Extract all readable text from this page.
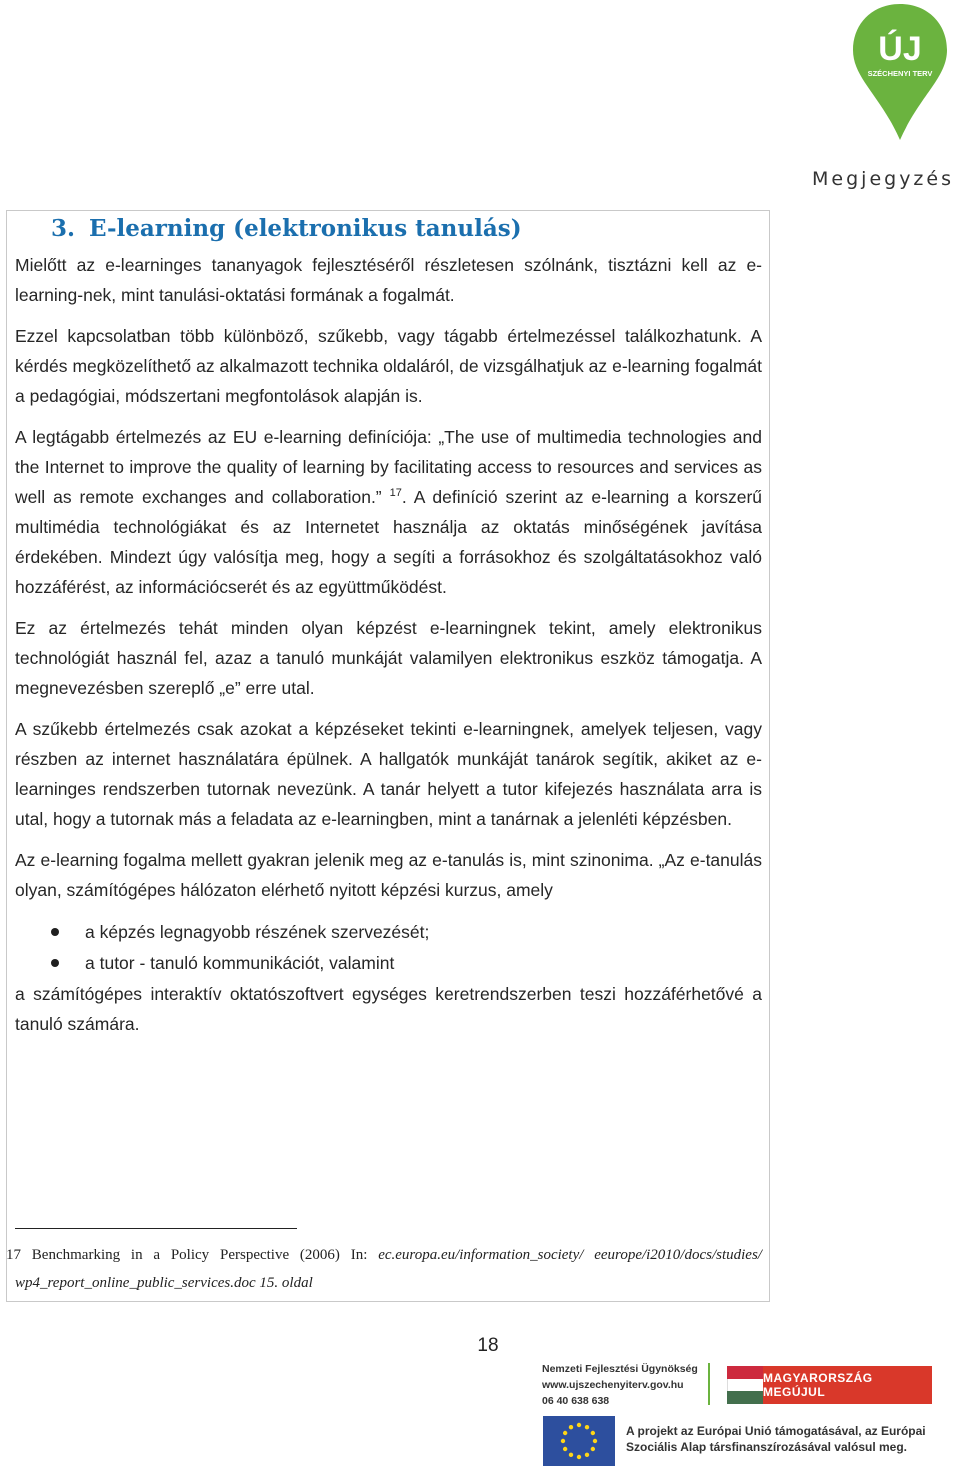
ÚJ
SZÉCHENYI TERV
Megjegyzés
3. E-learning (elektronikus tanulás)

Mielőtt az e-learninges tananyagok fejlesztéséről részletesen szólnánk, tisztázni kell az e-learning-nek, mint tanulási-oktatási formának a fogalmát.

Ezzel kapcsolatban több különböző, szűkebb, vagy tágabb értelmezéssel találkozhatunk. A kérdés megközelíthető az alkalmazott technika oldaláról, de vizsgálhatjuk az e-learning fogalmát a pedagógiai, módszertani megfontolások alapján is.

A legtágabb értelmezés az EU e-learning definíciója: „The use of multimedia technologies and the Internet to improve the quality of learning by facilitating access to resources and services as well as remote exchanges and collaboration.” $^{17}$. A definíció szerint az e-learning a korszerű multimédia technológiákat és az Internetet használja az oktatás minőségének javítása érdekében. Mindezt úgy valósítja meg, hogy a segíti a forrásokhoz és szolgáltatásokhoz való hozzáférést, az információcserét és az együttműködést.

Ez az értelmezés tehát minden olyan képzést e-learningnek tekint, amely elektronikus technológiát használ fel, azaz a tanuló munkáját valamilyen elektronikus eszköz támogatja. A megnevezésben szereplő „e” erre utal.

A szűkebb értelmezés csak azokat a képzéseket tekinti e-learningnek, amelyek teljesen, vagy részben az internet használatára épülnek. A hallgatók munkáját tanárok segítik, akiket az e-learninges rendszerben tutornak nevezünk. A tanár helyett a tutor kifejezés használata arra is utal, hogy a tutornak más a feladata az e-learningben, mint a tanárnak a jelenléti képzésben.

Az e-learning fogalma mellett gyakran jelenik meg az e-tanulás is, mint szinonima. „Az e-tanulás olyan, számítógépes hálózaton elérhető nyitott képzési kurzus, amely

a képzés legnagyobb részének szervezését;
a tutor - tanuló kommunikációt, valamint

a számítógépes interaktív oktatószoftvert egységes keretrendszerben teszi hozzáférhetővé a tanuló számára.

17 Benchmarking in a Policy Perspective (2006) In: ec.europa.eu/information_society/ eeurope/i2010/docs/studies/
wp4_report_online_public_services.doc 15. oldal
18
Nemzeti Fejlesztési Ügynökség
www.ujszechenyiterv.gov.hu
06 40 638 638
MAGYARORSZÁG MEGÚJUL
A projekt az Európai Unió támogatásával, az Európai
Szociális Alap társfinanszírozásával valósul meg.
